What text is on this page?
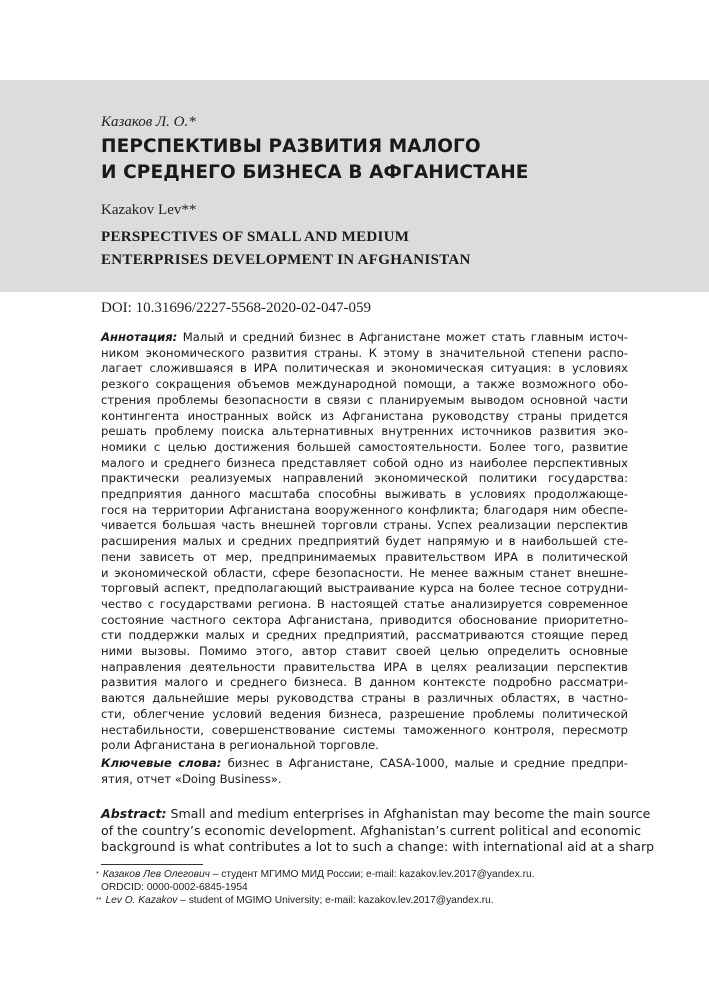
Казаков Л. О.*
ПЕРСПЕКТИВЫ РАЗВИТИЯ МАЛОГО
И СРЕДНЕГО БИЗНЕСА В АФГАНИСТАНЕ
Kazakov Lev**
PERSPECTIVES OF SMALL AND MEDIUM
ENTERPRISES DEVELOPMENT IN AFGHANISTAN
DOI: 10.31696/2227-5568-2020-02-047-059
Аннотация: Малый и средний бизнес в Афганистане может стать главным источ-
ником экономического развития страны. К этому в значительной степени распо-
лагает сложившаяся в ИРА политическая и экономическая ситуация: в условиях
резкого сокращения объемов международной помощи, а также возможного обо-
стрения проблемы безопасности в связи с планируемым выводом основной части
контингента иностранных войск из Афганистана руководству страны придется
решать проблему поиска альтернативных внутренних источников развития эко-
номики с целью достижения большей самостоятельности. Более того, развитие
малого и среднего бизнеса представляет собой одно из наиболее перспективных
практически реализуемых направлений экономической политики государства:
предприятия данного масштаба способны выживать в условиях продолжающе-
гося на территории Афганистана вооруженного конфликта; благодаря ним обеспе-
чивается большая часть внешней торговли страны. Успех реализации перспектив
расширения малых и средних предприятий будет напрямую и в наибольшей сте-
пени зависеть от мер, предпринимаемых правительством ИРА в политической
и экономической области, сфере безопасности. Не менее важным станет внешне-
торговый аспект, предполагающий выстраивание курса на более тесное сотрудни-
чество с государствами региона. В настоящей статье анализируется современное
состояние частного сектора Афганистана, приводится обоснование приоритетно-
сти поддержки малых и средних предприятий, рассматриваются стоящие перед
ними вызовы. Помимо этого, автор ставит своей целью определить основные
направления деятельности правительства ИРА в целях реализации перспектив
развития малого и среднего бизнеса. В данном контексте подробно рассматри-
ваются дальнейшие меры руководства страны в различных областях, в частно-
сти, облегчение условий ведения бизнеса, разрешение проблемы политической
нестабильности, совершенствование системы таможенного контроля, пересмотр
роли Афганистана в региональной торговле.
Ключевые слова: бизнес в Афганистане, CASA-1000, малые и средние предпри-
ятия, отчет «Doing Business».
Abstract: Small and medium enterprises in Afghanistan may become the main source
of the country’s economic development. Afghanistan’s current political and economic
background is what contributes a lot to such a change: with international aid at a sharp
* Казаков Лев Олегович – студент МГИМО МИД России; e-mail: kazakov.lev.2017@yandex.ru.
ORDCID: 0000-0002-6845-1954
** Lev O. Kazakov – student of MGIMO University; e-mail: kazakov.lev.2017@yandex.ru.
